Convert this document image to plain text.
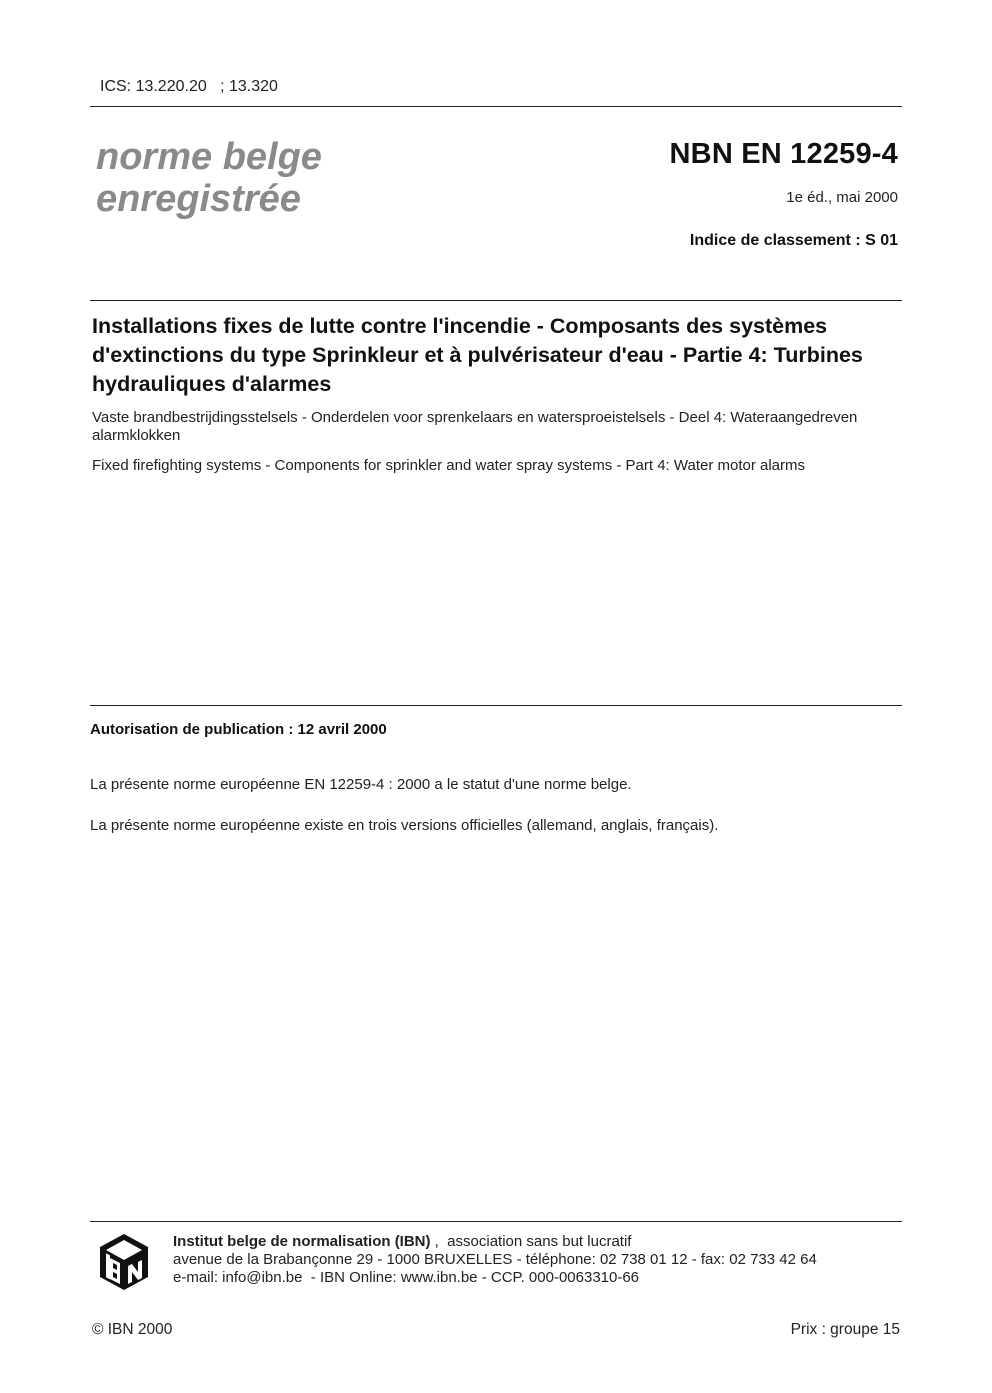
ICS: 13.220.20   ; 13.320
norme belge
enregistrée
NBN EN 12259-4
1e éd., mai 2000
Indice de classement : S 01
Installations fixes de lutte contre l'incendie - Composants des systèmes d'extinctions du type Sprinkleur et à pulvérisateur d'eau - Partie 4: Turbines hydrauliques d'alarmes
Vaste brandbestrijdingsstelsels - Onderdelen voor sprenkelaars en watersproeistelsels - Deel 4: Wateraangedreven alarmklokken
Fixed firefighting systems - Components for sprinkler and water spray systems - Part 4: Water motor alarms
Autorisation de publication : 12 avril 2000
La présente norme européenne EN 12259-4 : 2000 a le statut d'une norme belge.
La présente norme européenne existe en trois versions officielles (allemand, anglais, français).
Institut belge de normalisation (IBN) ,  association sans but lucratif
avenue de la Brabançonne 29 - 1000 BRUXELLES - téléphone: 02 738 01 12 - fax: 02 733 42 64
e-mail: info@ibn.be  - IBN Online: www.ibn.be - CCP. 000-0063310-66
© IBN 2000	Prix : groupe 15
